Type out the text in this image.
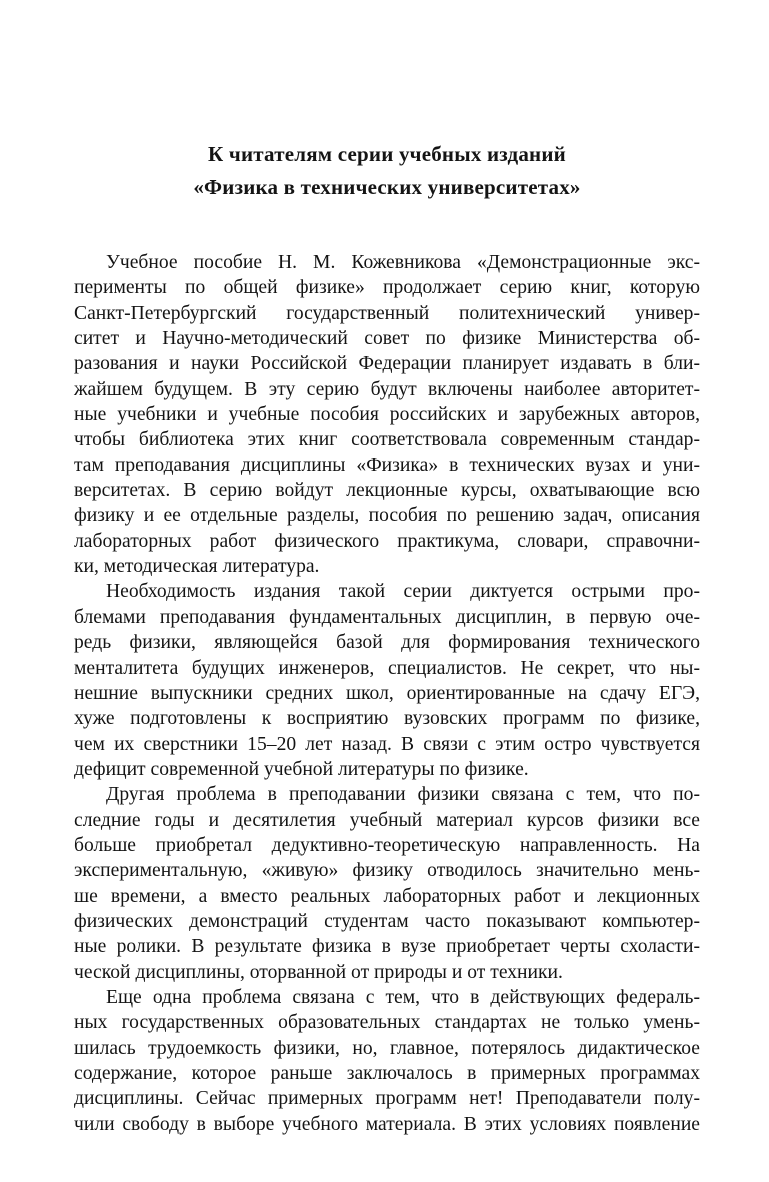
К читателям серии учебных изданий
«Физика в технических университетах»
Учебное пособие Н. М. Кожевникова «Демонстрационные экс-
перименты по общей физике» продолжает серию книг, которую
Санкт-Петербургский государственный политехнический универ-
ситет и Научно-методический совет по физике Министерства об-
разования и науки Российской Федерации планирует издавать в бли-
жайшем будущем. В эту серию будут включены наиболее авторитет-
ные учебники и учебные пособия российских и зарубежных авторов,
чтобы библиотека этих книг соответствовала современным стандар-
там преподавания дисциплины «Физика» в технических вузах и уни-
верситетах. В серию войдут лекционные курсы, охватывающие всю
физику и ее отдельные разделы, пособия по решению задач, описания
лабораторных работ физического практикума, словари, справочни-
ки, методическая литература.
Необходимость издания такой серии диктуется острыми про-
блемами преподавания фундаментальных дисциплин, в первую оче-
редь физики, являющейся базой для формирования технического
менталитета будущих инженеров, специалистов. Не секрет, что ны-
нешние выпускники средних школ, ориентированные на сдачу ЕГЭ,
хуже подготовлены к восприятию вузовских программ по физике,
чем их сверстники 15–20 лет назад. В связи с этим остро чувствуется
дефицит современной учебной литературы по физике.
Другая проблема в преподавании физики связана с тем, что по-
следние годы и десятилетия учебный материал курсов физики все
больше приобретал дедуктивно-теоретическую направленность. На
экспериментальную, «живую» физику отводилось значительно мень-
ше времени, а вместо реальных лабораторных работ и лекционных
физических демонстраций студентам часто показывают компьютер-
ные ролики. В результате физика в вузе приобретает черты схоласти-
ческой дисциплины, оторванной от природы и от техники.
Еще одна проблема связана с тем, что в действующих федераль-
ных государственных образовательных стандартах не только умень-
шилась трудоемкость физики, но, главное, потерялось дидактическое
содержание, которое раньше заключалось в примерных программах
дисциплины. Сейчас примерных программ нет! Преподаватели полу-
чили свободу в выборе учебного материала. В этих условиях появление
